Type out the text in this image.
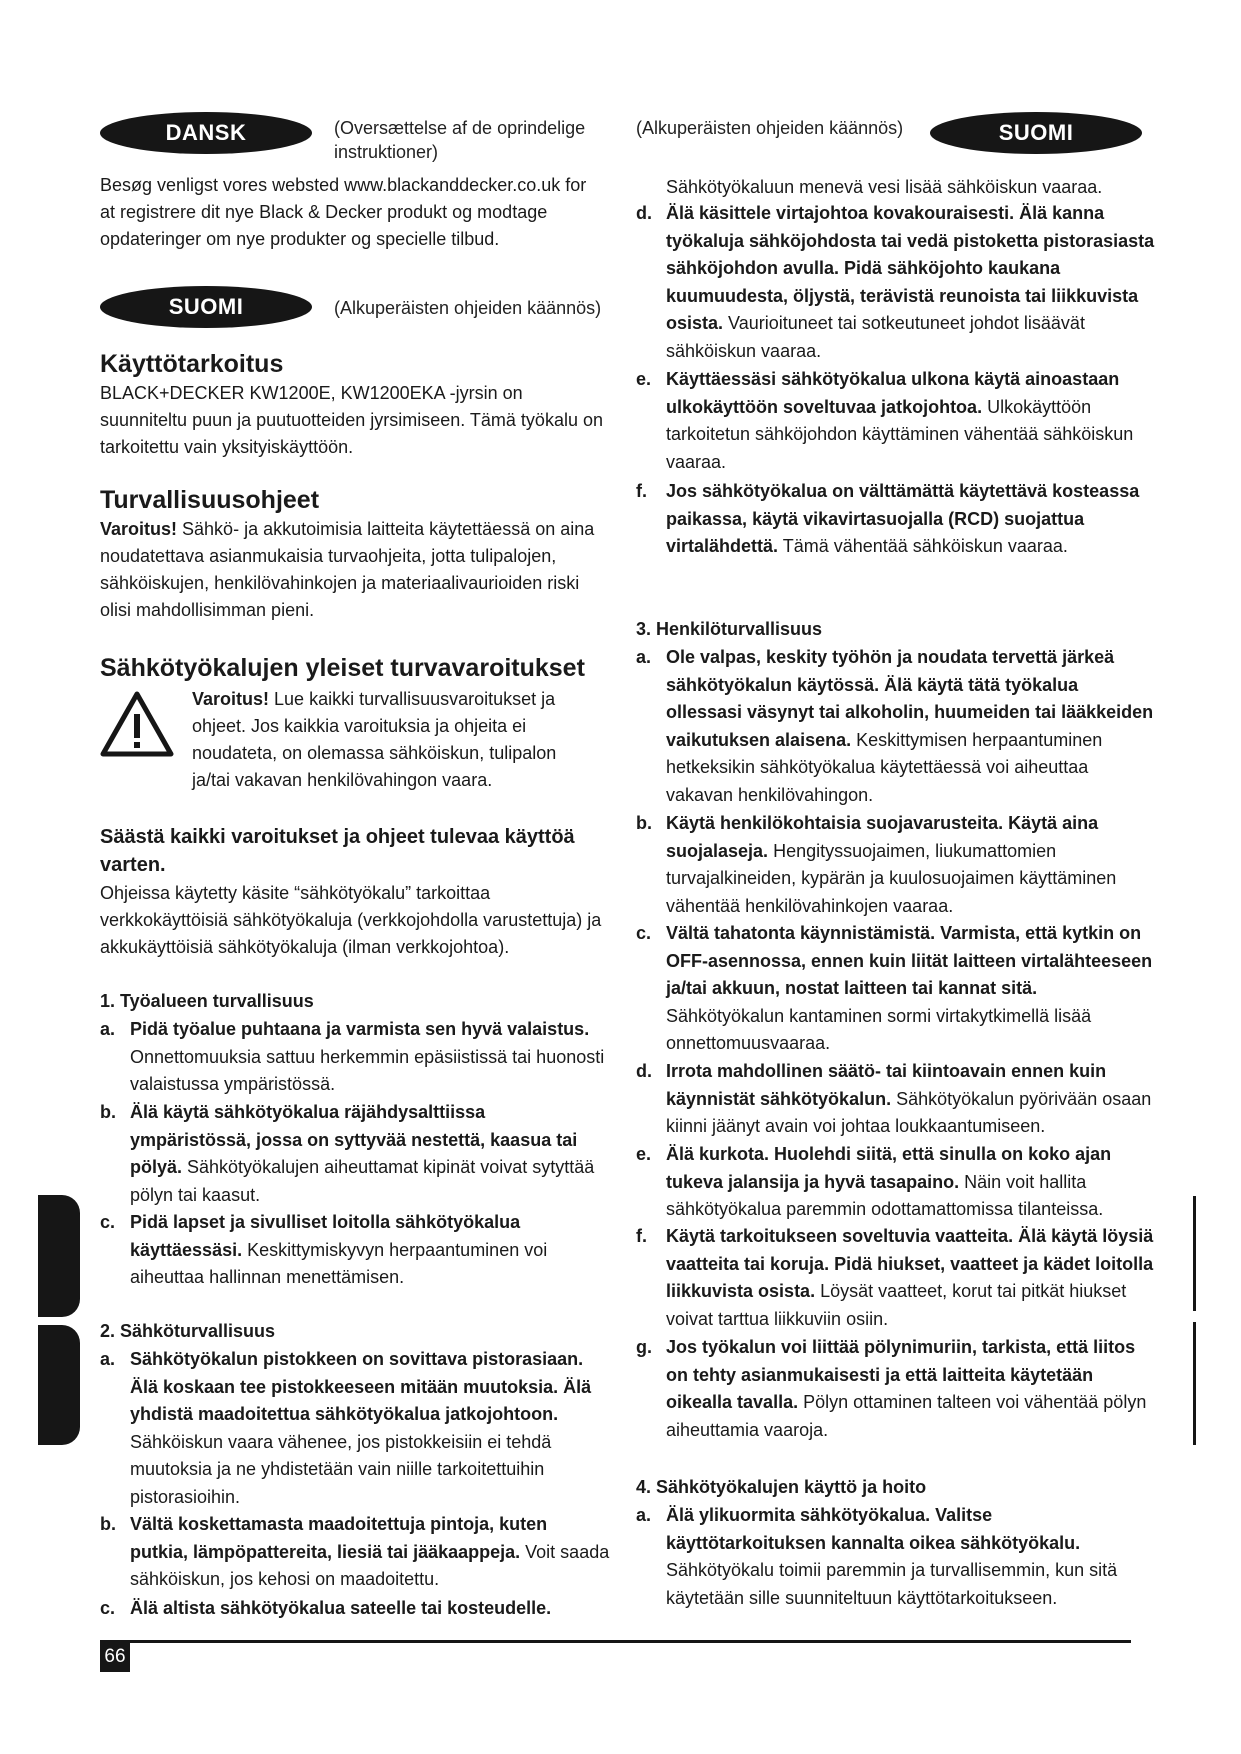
DANSK	(Oversættelse af de oprindelige instruktioner)
(Alkuperäisten ohjeiden käännös)	SUOMI

Besøg venligst vores websted www.blackanddecker.co.uk for at registrere dit nye Black & Decker produkt og modtage opdateringer om nye produkter og specielle tilbud.

SUOMI	(Alkuperäisten ohjeiden käännös)
Käyttötarkoitus

BLACK+DECKER KW1200E, KW1200EKA -jyrsin on suunniteltu puun ja puutuotteiden jyrsimiseen. Tämä työkalu on tarkoitettu vain yksityiskäyttöön.

Turvallisuusohjeet

Varoitus! Sähkö- ja akkutoimisia laitteita käytettäessä on aina noudatettava asianmukaisia turvaohjeita, jotta tulipalojen, sähköiskujen, henkilövahinkojen ja materiaalivaurioiden riski olisi mahdollisimman pieni.

Sähkötyökalujen yleiset turvavaroitukset

Varoitus! Lue kaikki turvallisuusvaroitukset ja ohjeet. Jos kaikkia varoituksia ja ohjeita ei noudateta, on olemassa sähköiskun, tulipalon ja/tai vakavan henkilövahingon vaara.

Säästä kaikki varoitukset ja ohjeet tulevaa käyttöä varten.

Ohjeissa käytetty käsite “sähkötyökalu” tarkoittaa verkkokäyttöisiä sähkötyökaluja (verkkojohdolla varustettuja) ja akkukäyttöisiä sähkötyökaluja (ilman verkkojohtoa).

1. Työalueen turvallisuus
a. Pidä työalue puhtaana ja varmista sen hyvä valaistus. Onnettomuuksia sattuu herkemmin epäsiistissä tai huonosti valaistussa ympäristössä.
b. Älä käytä sähkötyökalua räjähdysalttiissa ympäristössä, jossa on syttyvää nestettä, kaasua tai pölyä. Sähkötyökalujen aiheuttamat kipinät voivat sytyttää pölyn tai kaasut.
c. Pidä lapset ja sivulliset loitolla sähkötyökalua käyttäessäsi. Keskittymiskyvyn herpaantuminen voi aiheuttaa hallinnan menettämisen.
2. Sähköturvallisuus
a. Sähkötyökalun pistokkeen on sovittava pistorasiaan. Älä koskaan tee pistokkeeseen mitään muutoksia. Älä yhdistä maadoitettua sähkötyökalua jatkojohtoon. Sähköiskun vaara vähenee, jos pistokkeisiin ei tehdä muutoksia ja ne yhdistetään vain niille tarkoitettuihin pistorasioihin.
b. Vältä koskettamasta maadoitettuja pintoja, kuten putkia, lämpöpattereita, liesiä tai jääkaappeja. Voit saada sähköiskun, jos kehosi on maadoitettu.
c. Älä altista sähkötyökalua sateelle tai kosteudelle.
Sähkötyökaluun menevä vesi lisää sähköiskun vaaraa.
d. Älä käsittele virtajohtoa kovakouraisesti. Älä kanna työkaluja sähköjohdosta tai vedä pistoketta pistorasiasta sähköjohdon avulla. Pidä sähköjohto kaukana kuumuudesta, öljystä, terävistä reunoista tai liikkuvista osista. Vaurioituneet tai sotkeutuneet johdot lisäävät sähköiskun vaaraa.
e. Käyttäessäsi sähkötyökalua ulkona käytä ainoastaan ulkokäyttöön soveltuvaa jatkojohtoa. Ulkokäyttöön tarkoitetun sähköjohdon käyttäminen vähentää sähköiskun vaaraa.
f. Jos sähkötyökalua on välttämättä käytettävä kosteassa paikassa, käytä vikavirtasuojalla (RCD) suojattua virtalähdettä. Tämä vähentää sähköiskun vaaraa.
3. Henkilöturvallisuus
a. Ole valpas, keskity työhön ja noudata tervettä järkeä sähkötyökalun käytössä. Älä käytä tätä työkalua ollessasi väsynyt tai alkoholin, huumeiden tai lääkkeiden vaikutuksen alaisena. Keskittymisen herpaantuminen hetkeksikin sähkötyökalua käytettäessä voi aiheuttaa vakavan henkilövahingon.
b. Käytä henkilökohtaisia suojavarusteita. Käytä aina suojalaseja. Hengityssuojaimen, liukumattomien turvajalkineiden, kypärän ja kuulosuojaimen käyttäminen vähentää henkilövahinkojen vaaraa.
c. Vältä tahatonta käynnistämistä. Varmista, että kytkin on OFF-asennossa, ennen kuin liität laitteen virtalähteeseen ja/tai akkuun, nostat laitteen tai kannat sitä. Sähkötyökalun kantaminen sormi virtakytkimellä lisää onnettomuusvaaraa.
d. Irrota mahdollinen säätö- tai kiintoavain ennen kuin käynnistät sähkötyökalun. Sähkötyökalun pyörivään osaan kiinni jäänyt avain voi johtaa loukkaantumiseen.
e. Älä kurkota. Huolehdi siitä, että sinulla on koko ajan tukeva jalansija ja hyvä tasapaino. Näin voit hallita sähkötyökalua paremmin odottamattomissa tilanteissa.
f. Käytä tarkoitukseen soveltuvia vaatteita. Älä käytä löysiä vaatteita tai koruja. Pidä hiukset, vaatteet ja kädet loitolla liikkuvista osista. Löysät vaatteet, korut tai pitkät hiukset voivat tarttua liikkuviin osiin.
g. Jos työkalun voi liittää pölynimuriin, tarkista, että liitos on tehty asianmukaisesti ja että laitteita käytetään oikealla tavalla. Pölyn ottaminen talteen voi vähentää pölyn aiheuttamia vaaroja.
4. Sähkötyökalujen käyttö ja hoito
a. Älä ylikuormita sähkötyökalua. Valitse käyttötarkoituksen kannalta oikea sähkötyökalu. Sähkötyökalu toimii paremmin ja turvallisemmin, kun sitä käytetään sille suunniteltuun käyttötarkoitukseen.
66
